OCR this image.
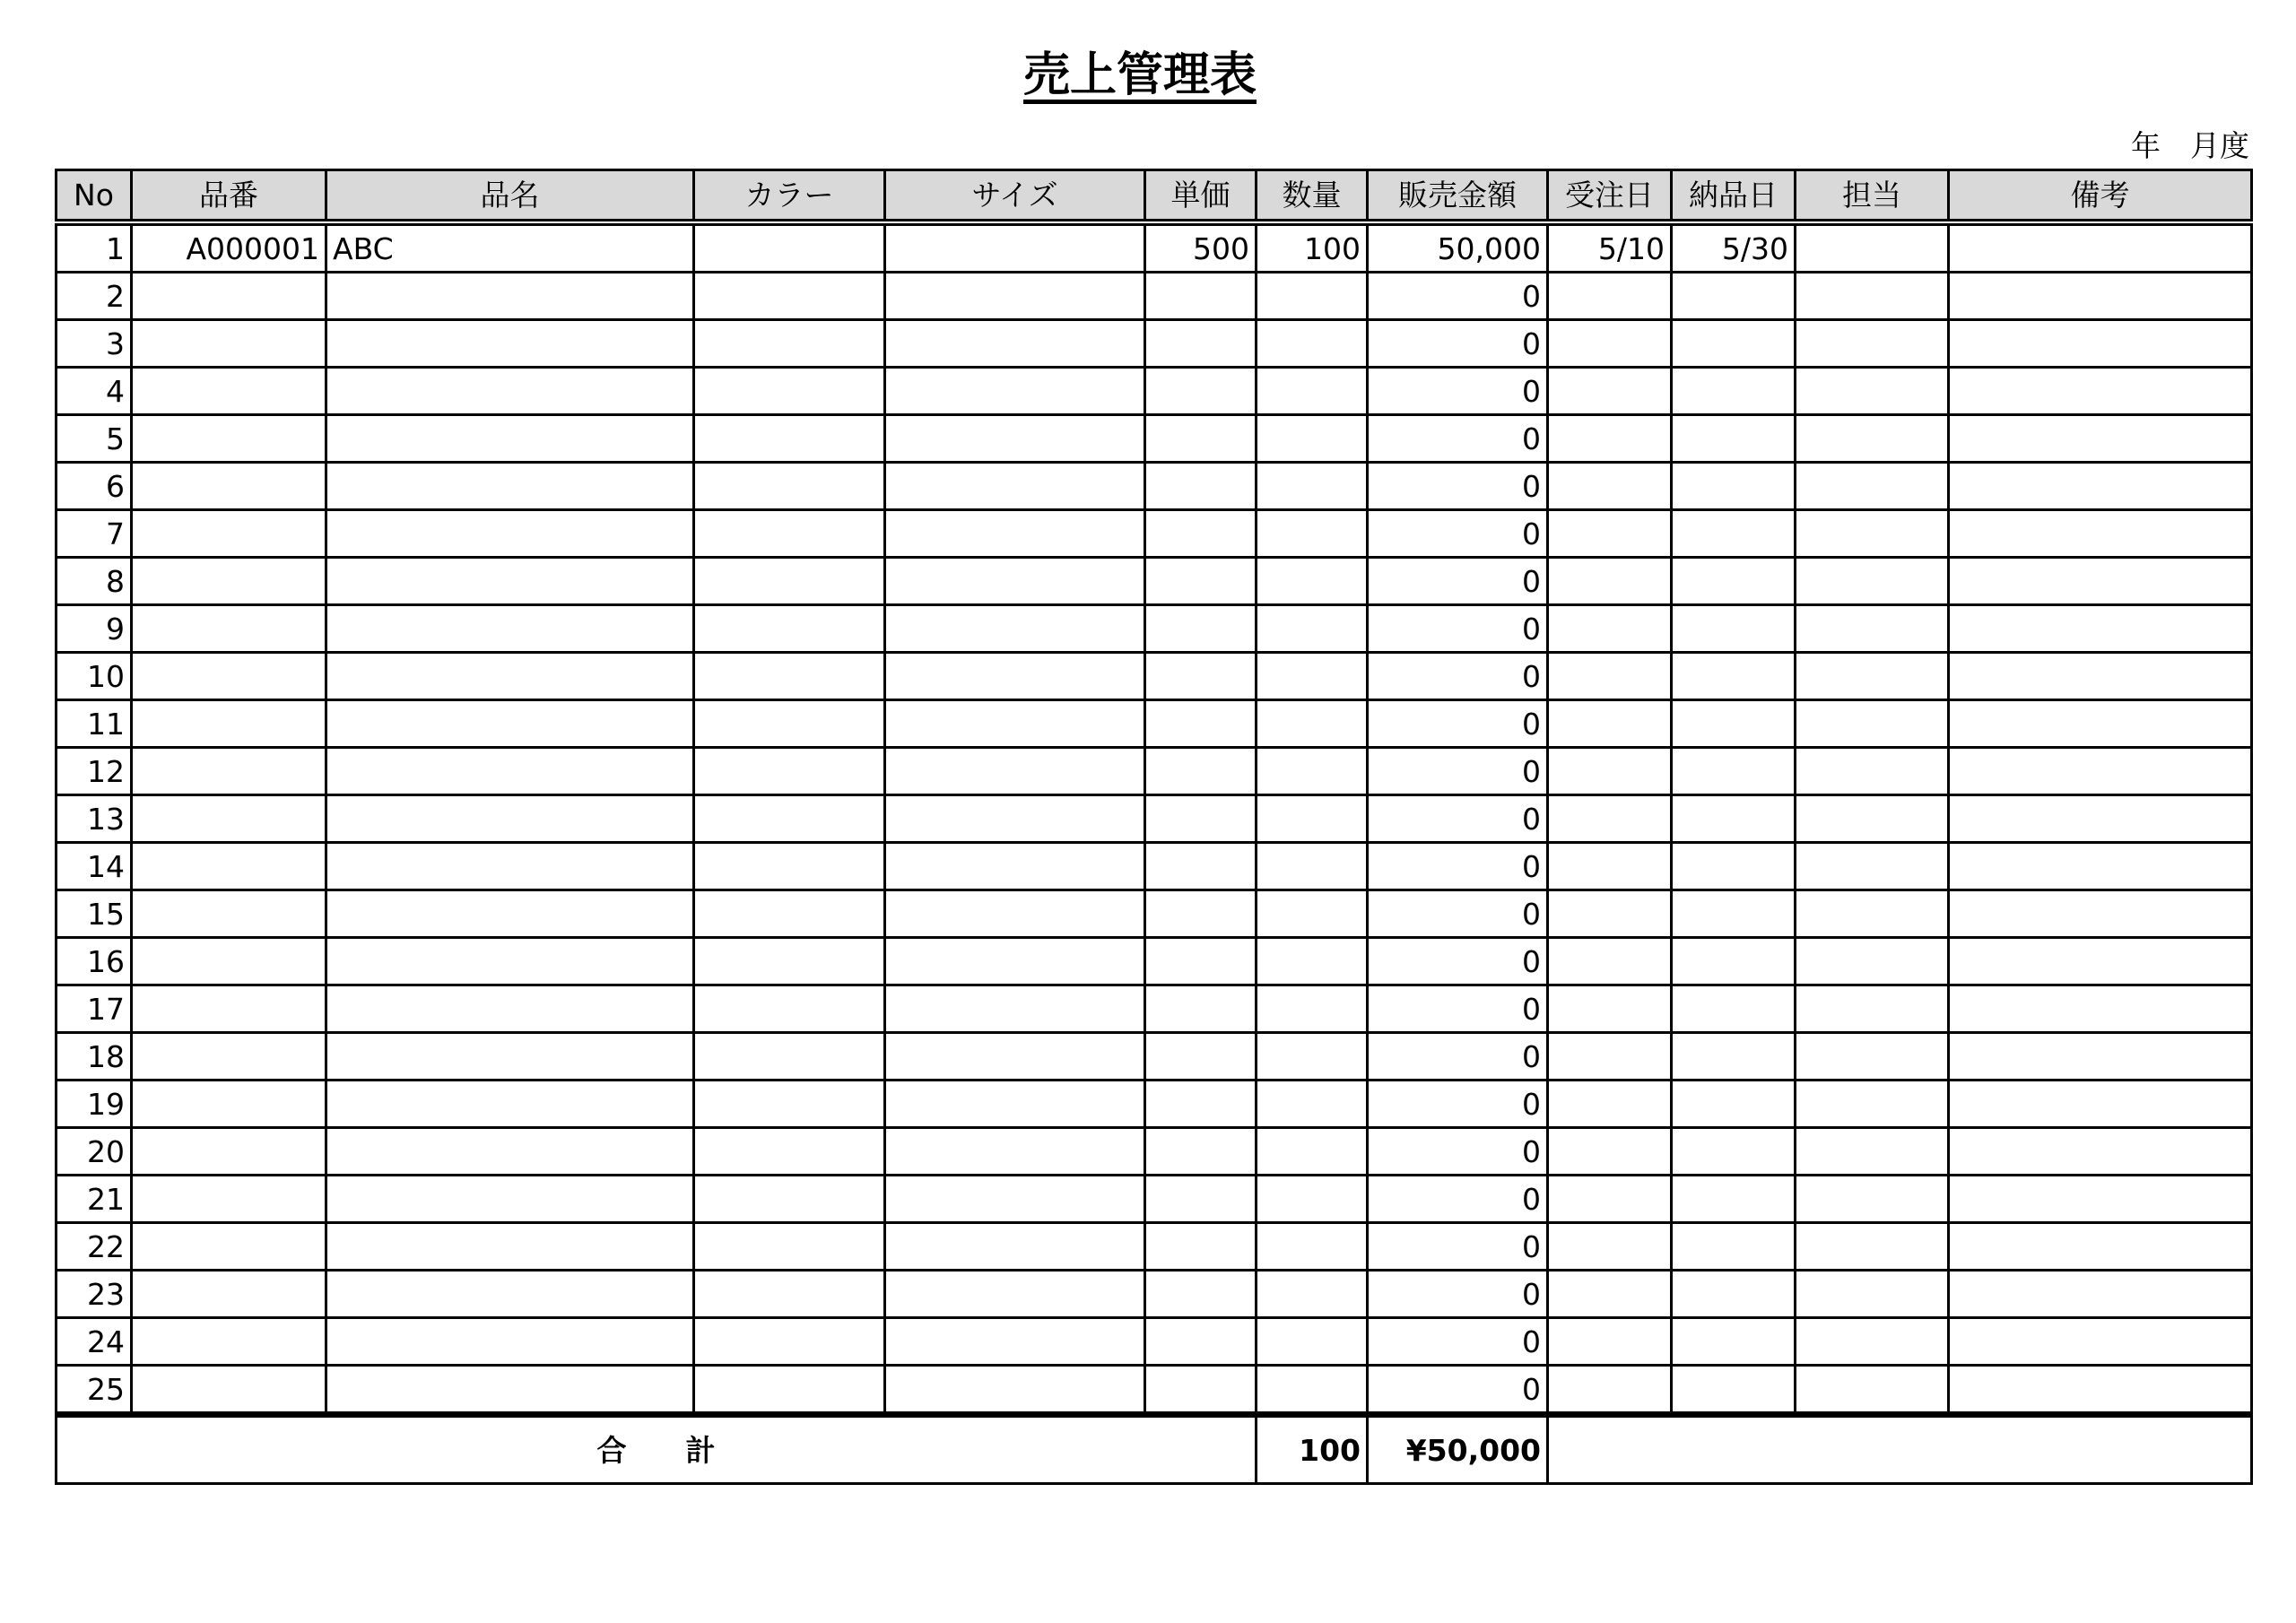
売上管理表
年　月度
No	品番	品名	カラー	サイズ	単価	数量	販売金額	受注日	納品日	担当	備考
1	A000001	ABC			500	100	50,000	5/10	5/30		
2							0				
3							0				
4							0				
5							0				
6							0				
7							0				
8							0				
9							0				
10							0				
11							0				
12							0				
13							0				
14							0				
15							0				
16							0				
17							0				
18							0				
19							0				
20							0				
21							0				
22							0				
23							0				
24							0				
25							0				
合　　計						100	¥50,000				
